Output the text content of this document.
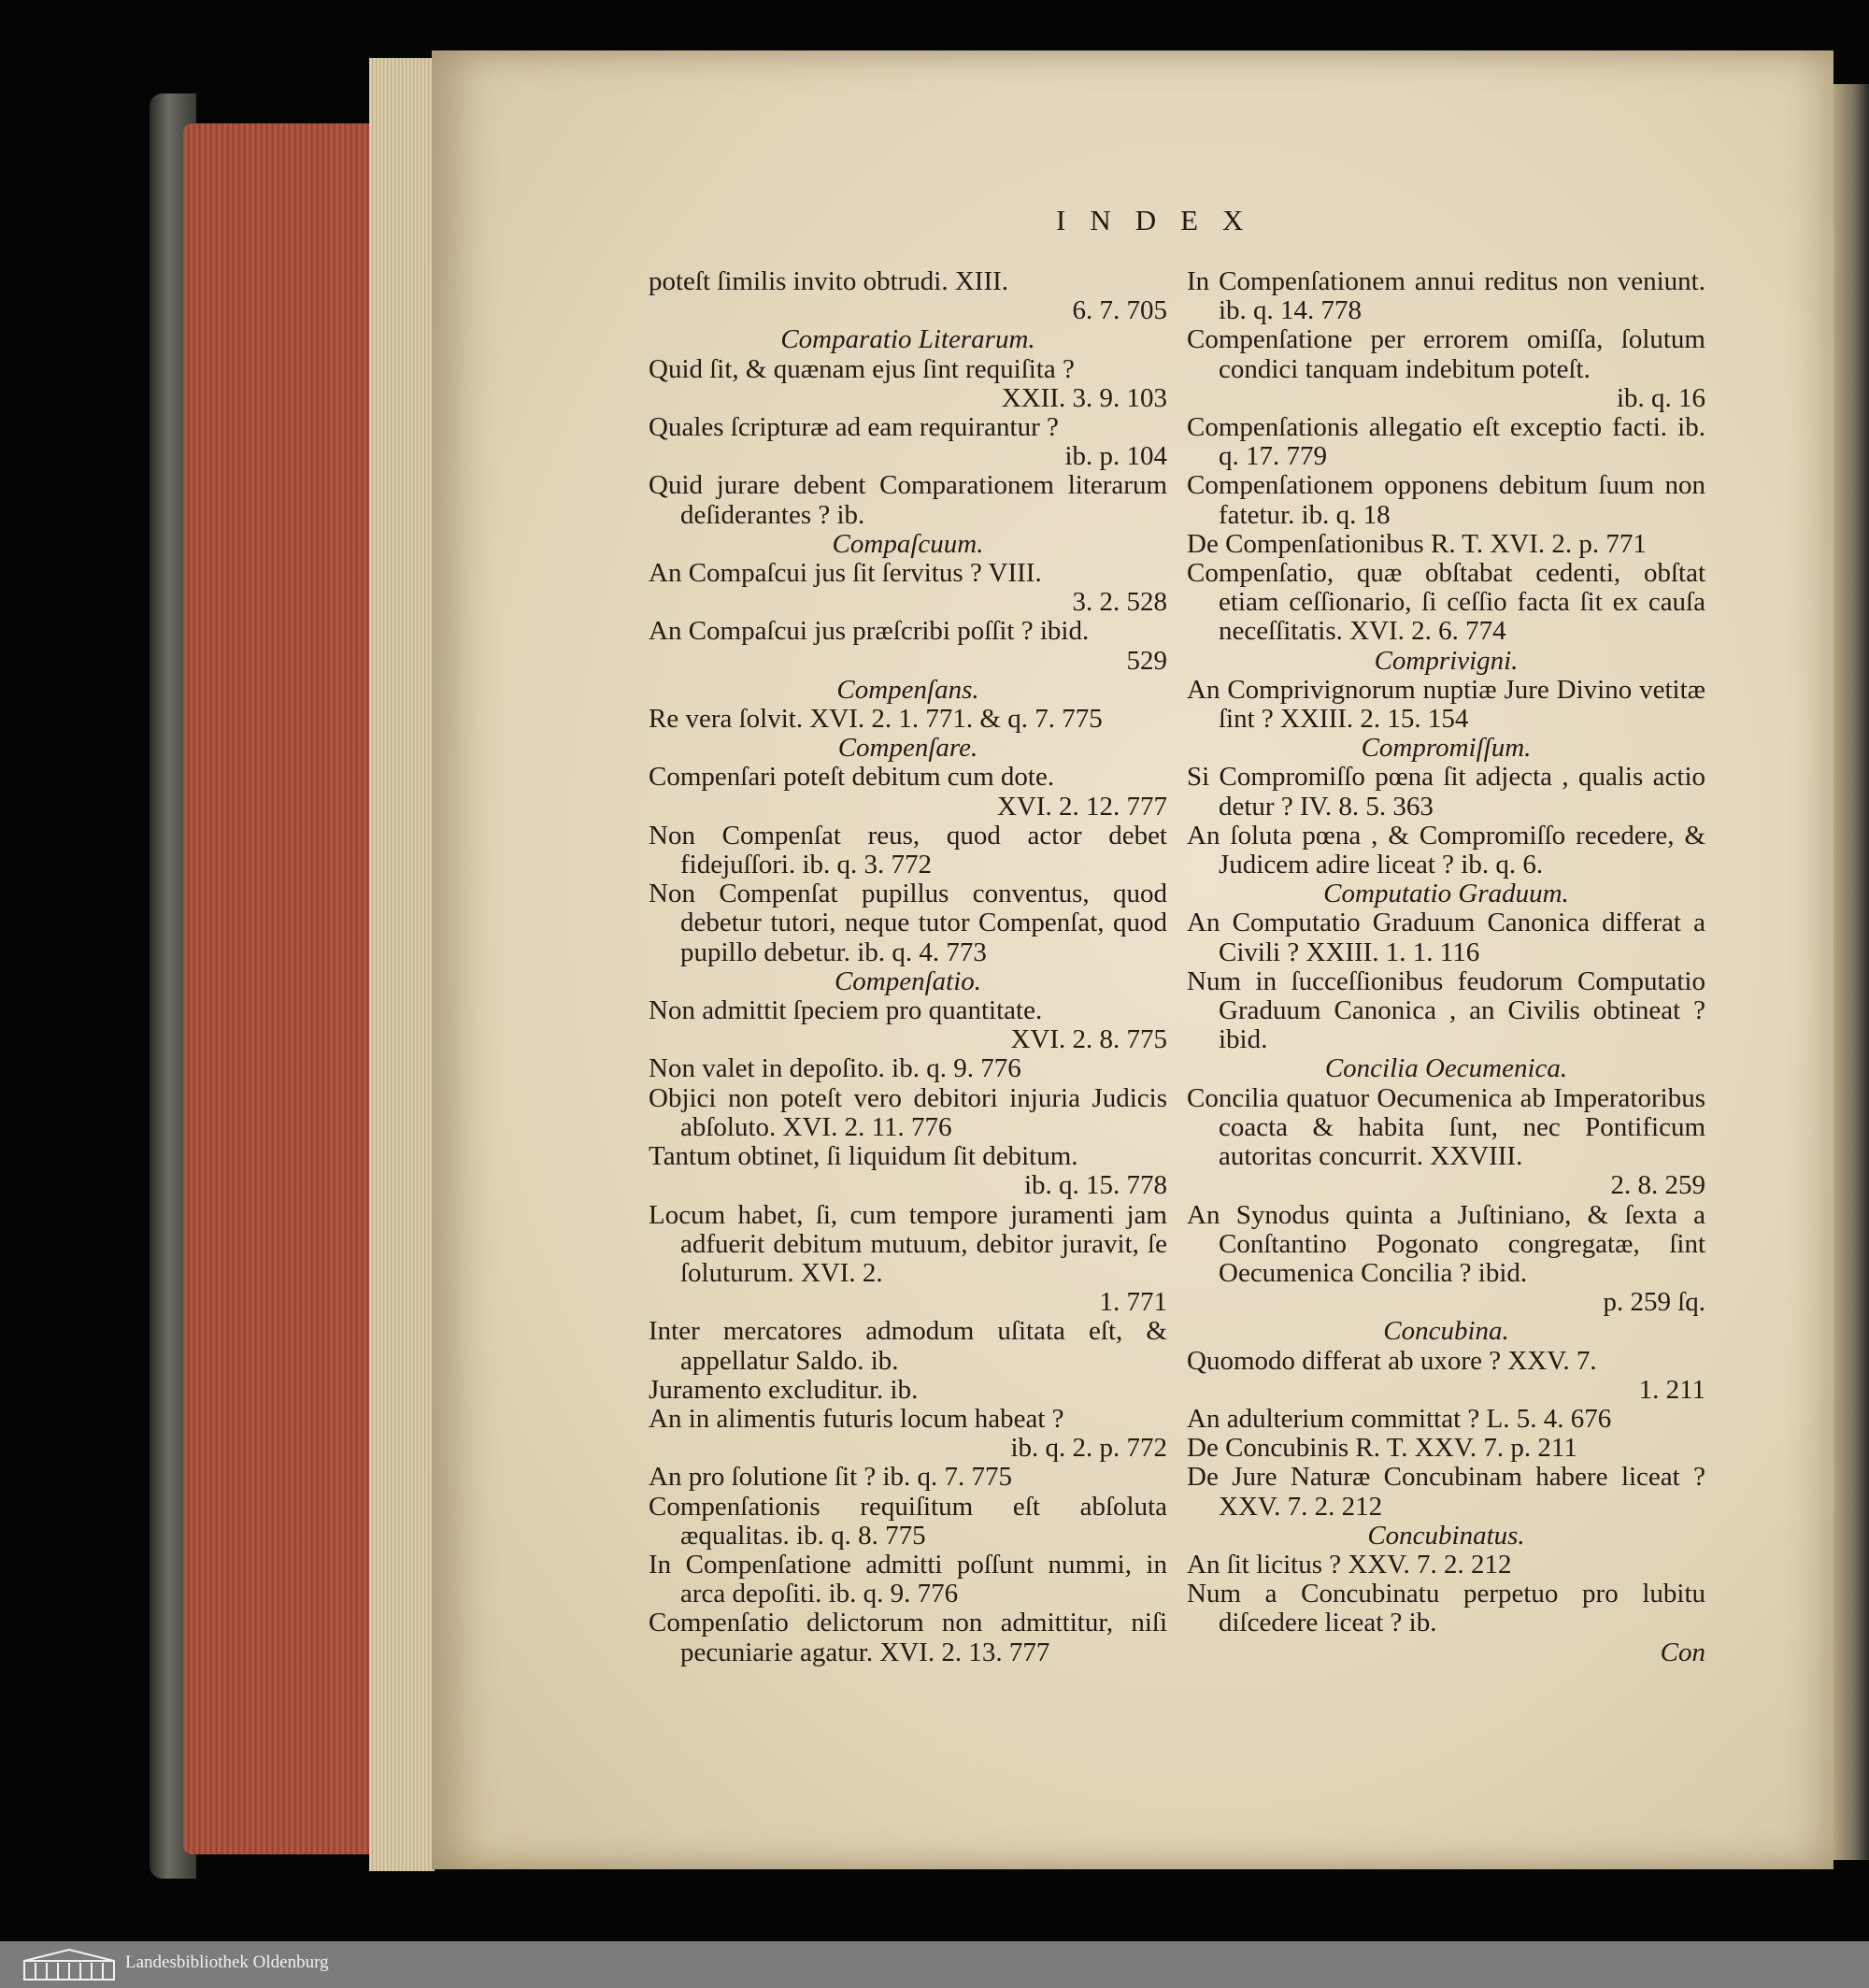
INDEX
poteſt ſimilis invito obtrudi. XIII.
6. 7. 705
Comparatio Literarum.
Quid ſit, & quænam ejus ſint requiſita ?
XXII. 3. 9. 103
Quales ſcripturæ ad eam requirantur ?
ib. p. 104
Quid jurare debent Comparationem literarum deſiderantes ? ib.
Compaſcuum.
An Compaſcui jus ſit ſervitus ? VIII.
3. 2. 528
An Compaſcui jus præſcribi poſſit ? ibid.
529
Compenſans.
Re vera ſolvit. XVI. 2. 1. 771. & q. 7. 775
Compenſare.
Compenſari poteſt debitum cum dote.
XVI. 2. 12. 777
Non Compenſat reus, quod actor debet fidejuſſori. ib. q. 3. 772
Non Compenſat pupillus conventus, quod debetur tutori, neque tutor Compenſat, quod pupillo debetur. ib. q. 4. 773
Compenſatio.
Non admittit ſpeciem pro quantitate.
XVI. 2. 8. 775
Non valet in depoſito. ib. q. 9. 776
Objici non poteſt vero debitori injuria Judicis abſoluto. XVI. 2. 11. 776
Tantum obtinet, ſi liquidum ſit debitum.
ib. q. 15. 778
Locum habet, ſi, cum tempore juramenti jam adfuerit debitum mutuum, debitor juravit, ſe ſoluturum. XVI. 2.
1. 771
Inter mercatores admodum uſitata eſt, & appellatur Saldo. ib.
Juramento excluditur. ib.
An in alimentis futuris locum habeat ?
ib. q. 2. p. 772
An pro ſolutione ſit ? ib. q. 7. 775
Compenſationis requiſitum eſt abſoluta æqualitas. ib. q. 8. 775
In Compenſatione admitti poſſunt nummi, in arca depoſiti. ib. q. 9. 776
Compenſatio delictorum non admittitur, niſi pecuniarie agatur. XVI. 2. 13. 777
In Compenſationem annui reditus non veniunt. ib. q. 14. 778
Compenſatione per errorem omiſſa, ſolutum condici tanquam indebitum poteſt.
ib. q. 16
Compenſationis allegatio eſt exceptio facti. ib. q. 17. 779
Compenſationem opponens debitum ſuum non fatetur. ib. q. 18
De Compenſationibus R. T. XVI. 2. p. 771
Compenſatio, quæ obſtabat cedenti, obſtat etiam ceſſionario, ſi ceſſio facta ſit ex cauſa neceſſitatis. XVI. 2. 6. 774
Comprivigni.
An Comprivignorum nuptiæ Jure Divino vetitæ ſint ? XXIII. 2. 15. 154
Compromiſſum.
Si Compromiſſo pœna ſit adjecta , qualis actio detur ? IV. 8. 5. 363
An ſoluta pœna , & Compromiſſo recedere, & Judicem adire liceat ? ib. q. 6.
Computatio Graduum.
An Computatio Graduum Canonica differat a Civili ? XXIII. 1. 1. 116
Num in ſucceſſionibus feudorum Computatio Graduum Canonica , an Civilis obtineat ? ibid.
Concilia Oecumenica.
Concilia quatuor Oecumenica ab Imperatoribus coacta & habita ſunt, nec Pontificum autoritas concurrit. XXVIII.
2. 8. 259
An Synodus quinta a Juſtiniano, & ſexta a Conſtantino Pogonato congregatæ, ſint Oecumenica Concilia ? ibid.
p. 259 ſq.
Concubina.
Quomodo differat ab uxore ? XXV. 7.
1. 211
An adulterium committat ? L. 5. 4. 676
De Concubinis R. T. XXV. 7. p. 211
De Jure Naturæ Concubinam habere liceat ? XXV. 7. 2. 212
Concubinatus.
An ſit licitus ? XXV. 7. 2. 212
Num a Concubinatu perpetuo pro lubitu diſcedere liceat ? ib.
Con
Landesbibliothek Oldenburg
